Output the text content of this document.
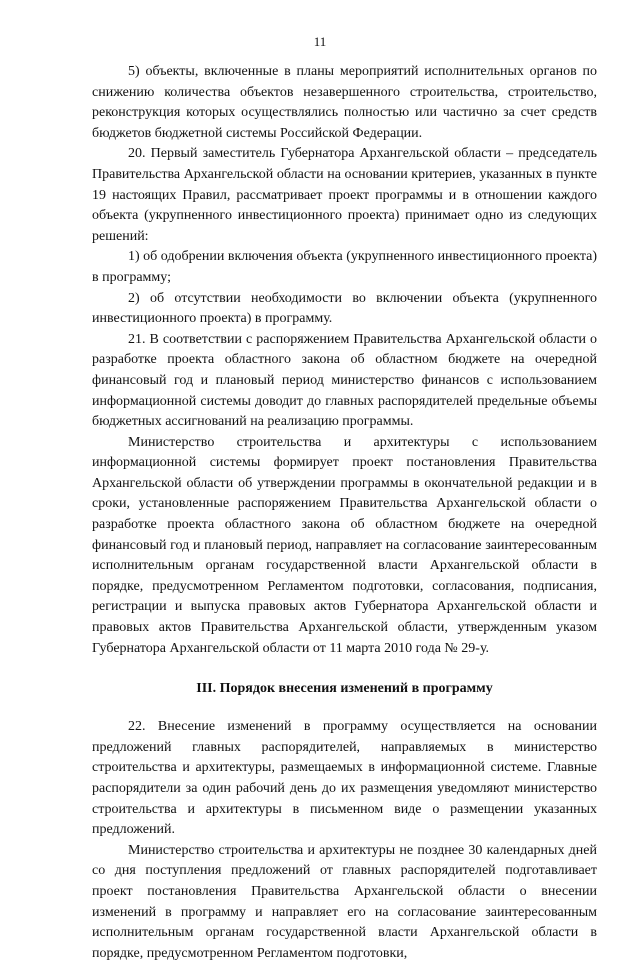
11

5) объекты, включенные в планы мероприятий исполнительных органов по снижению количества объектов незавершенного строительства, строительство, реконструкция которых осуществлялись полностью или частично за счет средств бюджетов бюджетной системы Российской Федерации.

20. Первый заместитель Губернатора Архангельской области – председатель Правительства Архангельской области на основании критериев, указанных в пункте 19 настоящих Правил, рассматривает проект программы и в отношении каждого объекта (укрупненного инвестиционного проекта) принимает одно из следующих решений:

1) об одобрении включения объекта (укрупненного инвестиционного проекта) в программу;

2) об отсутствии необходимости во включении объекта (укрупненного инвестиционного проекта) в программу.

21. В соответствии с распоряжением Правительства Архангельской области о разработке проекта областного закона об областном бюджете на очередной финансовый год и плановый период министерство финансов с использованием информационной системы доводит до главных распорядителей предельные объемы бюджетных ассигнований на реализацию программы.

Министерство строительства и архитектуры с использованием информационной системы формирует проект постановления Правительства Архангельской области об утверждении программы в окончательной редакции и в сроки, установленные распоряжением Правительства Архангельской области о разработке проекта областного закона об областном бюджете на очередной финансовый год и плановый период, направляет на согласование заинтересованным исполнительным органам государственной власти Архангельской области в порядке, предусмотренном Регламентом подготовки, согласования, подписания, регистрации и выпуска правовых актов Губернатора Архангельской области и правовых актов Правительства Архангельской области, утвержденным указом Губернатора Архангельской области от 11 марта 2010 года № 29-у.

III. Порядок внесения изменений в программу

22. Внесение изменений в программу осуществляется на основании предложений главных распорядителей, направляемых в министерство строительства и архитектуры, размещаемых в информационной системе. Главные распорядители за один рабочий день до их размещения уведомляют министерство строительства и архитектуры в письменном виде о размещении указанных предложений.

Министерство строительства и архитектуры не позднее 30 календарных дней со дня поступления предложений от главных распорядителей подготавливает проект постановления Правительства Архангельской области о внесении изменений в программу и направляет его на согласование заинтересованным исполнительным органам государственной власти Архангельской области в порядке, предусмотренном Регламентом подготовки,
